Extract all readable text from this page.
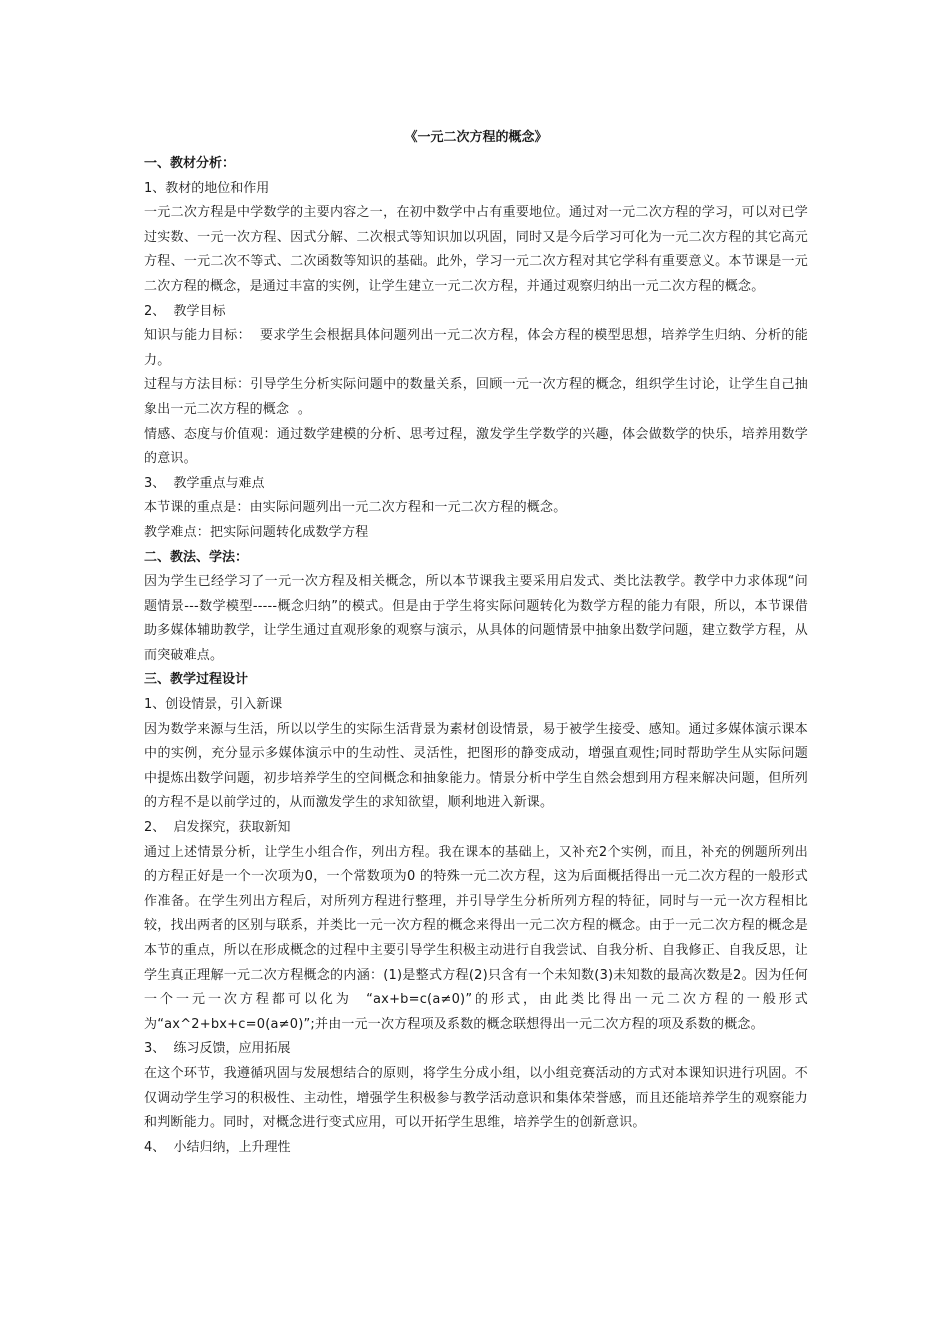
《一元二次方程的概念》

一、教材分析：

1、教材的地位和作用

一元二次方程是中学数学的主要内容之一，在初中数学中占有重要地位。通过对一元二次方程的学习，可以对已学过实数、一元一次方程、因式分解、二次根式等知识加以巩固，同时又是今后学习可化为一元二次方程的其它高元方程、一元二次不等式、二次函数等知识的基础。此外，学习一元二次方程对其它学科有重要意义。本节课是一元二次方程的概念，是通过丰富的实例，让学生建立一元二次方程，并通过观察归纳出一元二次方程的概念。

2、  教学目标

知识与能力目标：  要求学生会根据具体问题列出一元二次方程，体会方程的模型思想，培养学生归纳、分析的能力。

过程与方法目标：引导学生分析实际问题中的数量关系，回顾一元一次方程的概念，组织学生讨论，让学生自己抽象出一元二次方程的概念  。

情感、态度与价值观：通过数学建模的分析、思考过程，激发学生学数学的兴趣，体会做数学的快乐，培养用数学的意识。

3、  教学重点与难点

本节课的重点是：由实际问题列出一元二次方程和一元二次方程的概念。

教学难点：把实际问题转化成数学方程

二、教法、学法：

因为学生已经学习了一元一次方程及相关概念，所以本节课我主要采用启发式、类比法教学。教学中力求体现“问题情景---数学模型-----概念归纳”的模式。但是由于学生将实际问题转化为数学方程的能力有限，所以，本节课借助多媒体辅助教学，让学生通过直观形象的观察与演示，从具体的问题情景中抽象出数学问题，建立数学方程，从而突破难点。

三、教学过程设计

1、创设情景，引入新课

因为数学来源与生活，所以以学生的实际生活背景为素材创设情景，易于被学生接受、感知。通过多媒体演示课本中的实例，充分显示多媒体演示中的生动性、灵活性，把图形的静变成动，增强直观性;同时帮助学生从实际问题中提炼出数学问题，初步培养学生的空间概念和抽象能力。情景分析中学生自然会想到用方程来解决问题，但所列的方程不是以前学过的，从而激发学生的求知欲望，顺利地进入新课。

2、  启发探究，获取新知

通过上述情景分析，让学生小组合作，列出方程。我在课本的基础上，又补充2个实例，而且，补充的例题所列出的方程正好是一个一次项为0，一个常数项为0 的特殊一元二次方程，这为后面概括得出一元二次方程的一般形式作准备。在学生列出方程后，对所列方程进行整理，并引导学生分析所列方程的特征，同时与一元一次方程相比较，找出两者的区别与联系，并类比一元一次方程的概念来得出一元二次方程的概念。由于一元二次方程的概念是本节的重点，所以在形成概念的过程中主要引导学生积极主动进行自我尝试、自我分析、自我修正、自我反思，让学生真正理解一元二次方程概念的内涵：(1)是整式方程(2)只含有一个未知数(3)未知数的最高次数是2。因为任何一个一元一次方程都可以化为  “ax+b=c(a≠0)”的形式，由此类比得出一元二次方程的一般形式为“ax^2+bx+c=0(a≠0)”;并由一元一次方程项及系数的概念联想得出一元二次方程的项及系数的概念。

3、  练习反馈，应用拓展

在这个环节，我遵循巩固与发展想结合的原则，将学生分成小组，以小组竞赛活动的方式对本课知识进行巩固。不仅调动学生学习的积极性、主动性，增强学生积极参与教学活动意识和集体荣誉感，而且还能培养学生的观察能力和判断能力。同时，对概念进行变式应用，可以开拓学生思维，培养学生的创新意识。

4、  小结归纳，上升理性
